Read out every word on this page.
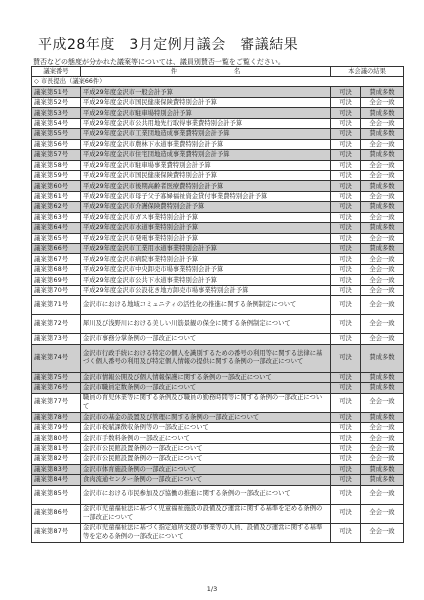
平成28年度　3月定例月議会　審議結果
賛否などの態度が分かれた議案等については、議員別賛否一覧をご覧ください。
議案番号	件　　　　　　　　　名	本会議の結果	
◇ 市長提出（議案66件）			
議案第51号	平成29年度金沢市一般会計予算	可決	賛成多数
議案第52号	平成29年度金沢市国民健康保険費特別会計予算	可決	全会一致
議案第53号	平成29年度金沢市駐車場特別会計予算	可決	賛成多数
議案第54号	平成29年度金沢市公共用地先行取得事業費特別会計予算	可決	全会一致
議案第55号	平成29年度金沢市工業団地造成事業費特別会計予算	可決	賛成多数
議案第56号	平成29年度金沢市農林下水道事業費特別会計予算	可決	全会一致
議案第57号	平成29年度金沢市住宅団地造成事業費特別会計予算	可決	賛成多数
議案第58号	平成29年度金沢市駐車場事業費特別会計予算	可決	全会一致
議案第59号	平成29年度金沢市国民健康保険費特別会計予算	可決	全会一致
議案第60号	平成29年度金沢市後期高齢者医療費特別会計予算	可決	賛成多数
議案第61号	平成29年度金沢市母子父子寡婦福祉資金貸付事業費特別会計予算	可決	全会一致
議案第62号	平成29年度金沢市介護保険費特別会計予算	可決	賛成多数
議案第63号	平成29年度金沢市ガス事業特別会計予算	可決	全会一致
議案第64号	平成29年度金沢市水道事業特別会計予算	可決	賛成多数
議案第65号	平成29年度金沢市発電事業特別会計予算	可決	全会一致
議案第66号	平成29年度金沢市工業用水道事業特別会計予算	可決	賛成多数
議案第67号	平成29年度金沢市病院事業特別会計予算	可決	全会一致
議案第68号	平成29年度金沢市中央卸売市場事業特別会計予算	可決	全会一致
議案第69号	平成29年度金沢市公共下水道事業特別会計予算	可決	全会一致
議案第70号	平成29年度金沢市公設花き地方卸売市場事業特別会計予算	可決	全会一致
議案第71号	金沢市における地域コミュニティの活性化の推進に関する条例制定について	可決	全会一致
議案第72号	犀川及び浅野川における美しい川筋景観の保全に関する条例制定について	可決	全会一致
議案第73号	金沢市事務分掌条例の一部改正について	可決	全会一致
議案第74号	金沢市行政手続における特定の個人を識別するための番号の利用等に関する法律に基づく個人番号の利用及び特定個人情報の提供に関する条例の一部改正について	可決	賛成多数
議案第75号	金沢市情報公開及び個人情報保護に関する条例の一部改正について	可決	賛成多数
議案第76号	金沢市職員定数条例の一部改正について	可決	賛成多数
議案第77号	職員の育児休業等に関する条例及び職員の勤務時間等に関する条例の一部改正について	可決	全会一致
議案第78号	金沢市の基金の設置及び管理に関する条例の一部改正について	可決	賛成多数
議案第79号	金沢市税賦課徴収条例等の一部改正について	可決	全会一致
議案第80号	金沢市手数料条例の一部改正について	可決	全会一致
議案第81号	金沢市公民館設置条例の一部改正について	可決	全会一致
議案第82号	金沢市公民館設置条例の一部改正について	可決	全会一致
議案第83号	金沢市体育施設条例の一部改正について	可決	賛成多数
議案第84号	食肉流通センター条例の一部改正について	可決	賛成多数
議案第85号	金沢市における市民参加及び協働の推進に関する条例の一部改正について	可決	全会一致
議案第86号	金沢市児童福祉法に基づく児童福祉施設の設備及び運営に関する基準を定める条例の一部改正について	可決	全会一致
議案第87号	金沢市児童福祉法に基づく指定通所支援の事業等の人員、設備及び運営に関する基準等を定める条例の一部改正について	可決	全会一致
1/3
